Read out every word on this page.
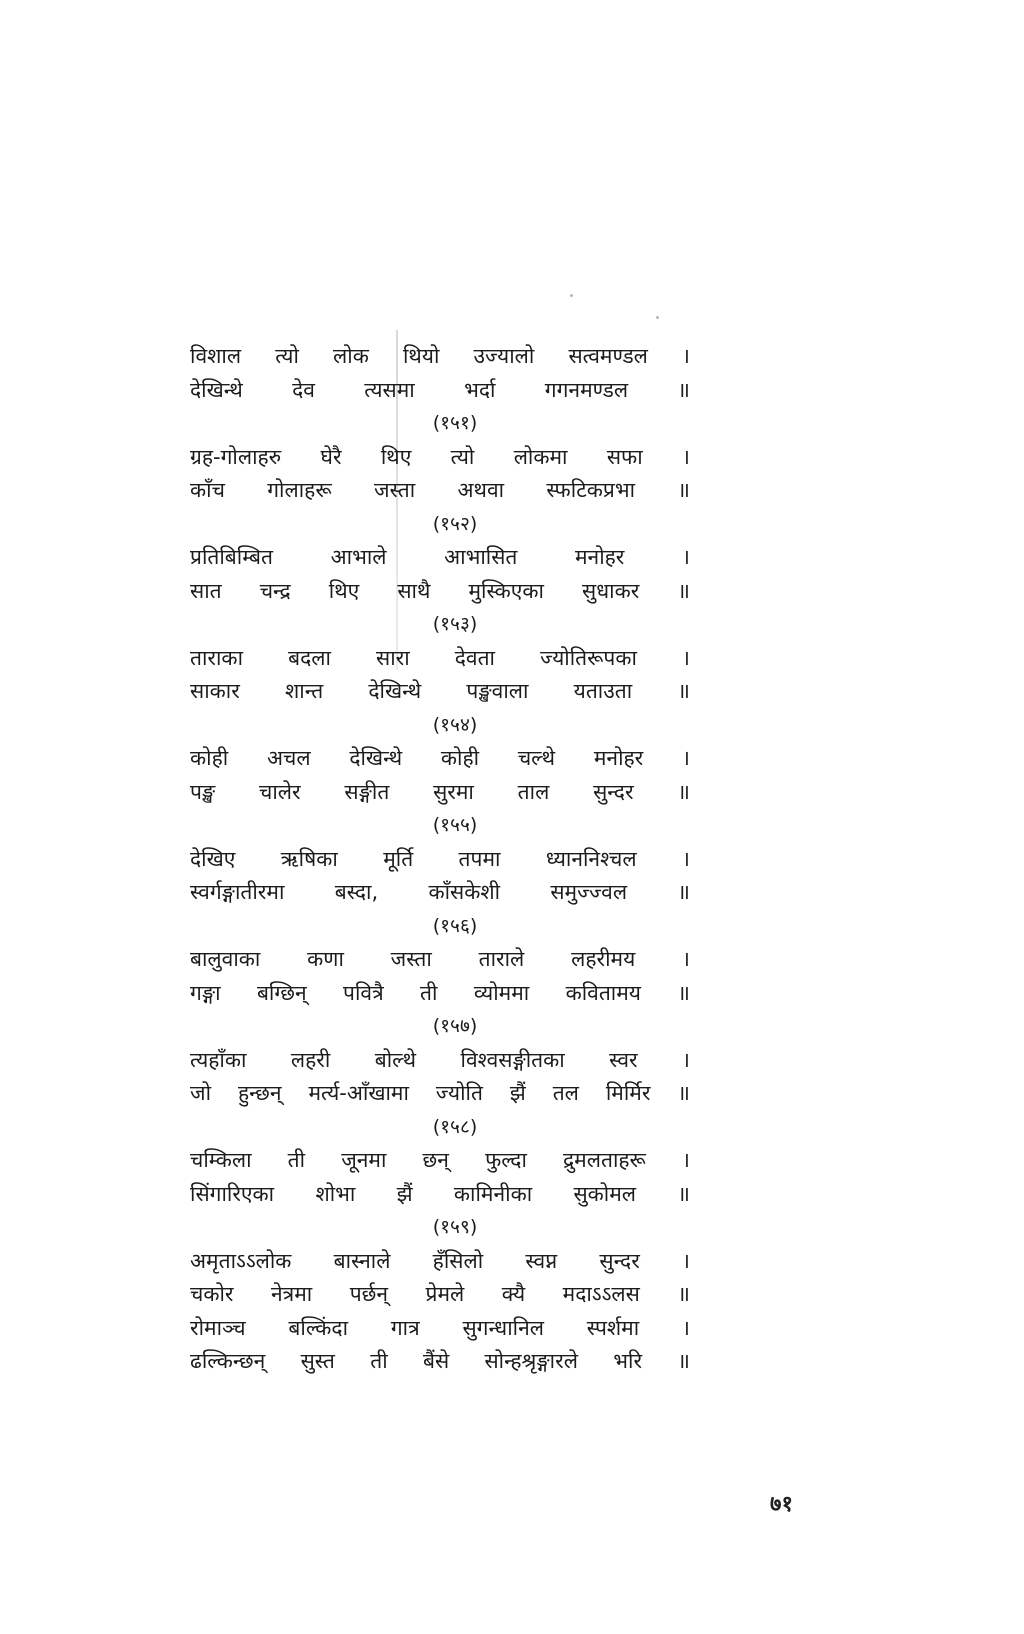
विशाल त्यो लोक थियो उज्यालो सत्वमण्डल ।
देखिन्थे देव त्यसमा भर्दा गगनमण्डल ॥
(१५१)
ग्रह-गोलाहरु घेरै थिए त्यो लोकमा सफा ।
काँच गोलाहरू जस्ता अथवा स्फटिकप्रभा ॥
(१५२)
प्रतिबिम्बित	आभाले	आभासित	मनोहर	।
सात चन्द्र थिए साथै मुस्किएका सुधाकर ॥
(१५३)
ताराका बदला सारा देवता ज्योतिरूपका ।
साकार शान्त देखिन्थे पङ्खवाला यताउता ॥
(१५४)
कोही अचल देखिन्थे कोही चल्थे मनोहर ।
पङ्ख चालेर सङ्गीत सुरमा ताल सुन्दर ॥
(१५५)
देखिए ऋषिका मूर्ति तपमा ध्याननिश्चल ।
स्वर्गङ्गातीरमा बस्दा, काँसकेशी समुज्ज्वल ॥
(१५६)
बालुवाका कणा जस्ता ताराले लहरीमय ।
गङ्गा बग्छिन् पवित्रै ती व्योममा कवितामय ॥
(१५७)
त्यहाँका लहरी बोल्थे विश्वसङ्गीतका स्वर ।
जो हुन्छन् मर्त्य-आँखामा ज्योति झैं तल मिर्मिर ॥
(१५८)
चम्किला ती जूनमा छन् फुल्दा द्रुमलताहरू ।
सिंगारिएका शोभा झैं कामिनीका सुकोमल ॥
(१५९)
अमृताऽऽलोक बास्नाले हँसिलो स्वप्न सुन्दर ।
चकोर नेत्रमा पर्छन् प्रेमले क्यै मदाऽऽलस ॥
रोमाञ्च बल्किंदा गात्र सुगन्धानिल स्पर्शमा ।
ढल्किन्छन् सुस्त ती बैंसे सोन्हश्रृङ्गारले भरि ॥
७१
